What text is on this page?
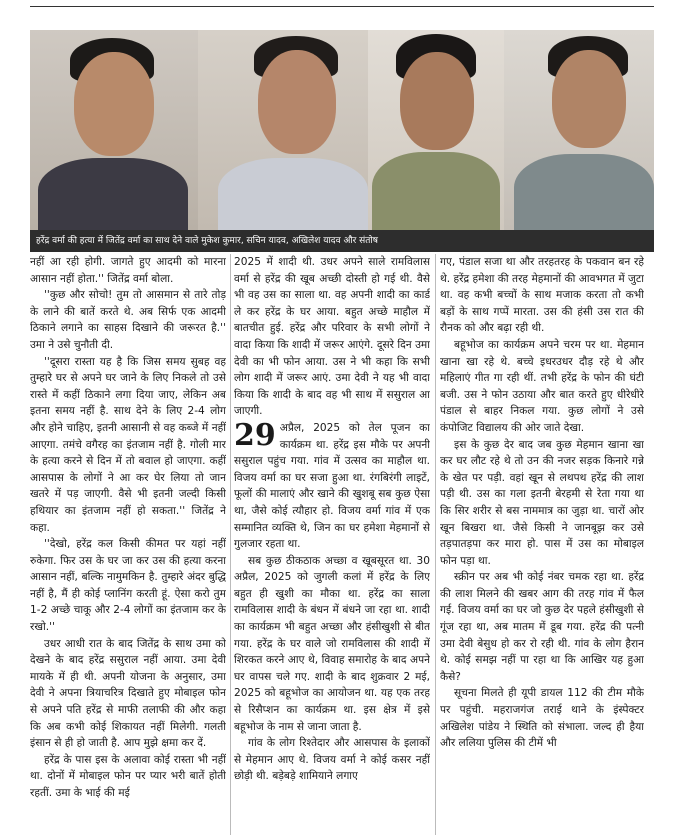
हरेंद्र वर्मा की हत्या में जितेंद्र वर्मा का साथ देने वाले मुकेश कुमार, सचिन यादव, अखिलेश यादव और संतोष

नहीं आ रही होगी. जागते हुए आदमी को मारना आसान नहीं होता.'' जितेंद्र वर्मा बोला.

''कुछ और सोचो! तुम तो आसमान से तारे तोड़ के लाने की बातें करते थे. अब सिर्फ एक आदमी ठिकाने लगाने का साहस दिखाने की जरूरत है.'' उमा ने उसे चुनौती दी.

''दूसरा रास्ता यह है कि जिस समय सुबह वह तुम्हारे घर से अपने घर जाने के लिए निकले तो उसे रास्ते में कहीं ठिकाने लगा दिया जाए, लेकिन अब इतना समय नहीं है. साथ देने के लिए 2-4 लोग और होने चाहिए, इतनी आसानी से वह कब्जे में नहीं आएगा. तमंचे वगैरह का इंतजाम नहीं है. गोली मार के हत्या करने से दिन में तो बवाल हो जाएगा. कहीं आसपास के लोगों ने आ कर घेर लिया तो जान खतरे में पड़ जाएगी. वैसे भी इतनी जल्दी किसी हथियार का इंतजाम नहीं हो सकता.'' जितेंद्र ने कहा.

''देखो, हरेंद्र कल किसी कीमत पर यहां नहीं रुकेगा. फिर उस के घर जा कर उस की हत्या करना आसान नहीं, बल्कि नामुमकिन है. तुम्हारे अंदर बुद्धि नहीं है, मैं ही कोई प्लानिंग करती हूं. ऐसा करो तुम 1-2 अच्छे चाकू और 2-4 लोगों का इंतजाम कर के रखो.''

उधर आधी रात के बाद जितेंद्र के साथ उमा को देखने के बाद हरेंद्र ससुराल नहीं आया. उमा देवी मायके में ही थी. अपनी योजना के अनुसार, उमा देवी ने अपना त्रियाचरित्र दिखाते हुए मोबाइल फोन से अपने पति हरेंद्र से माफी तलाफी की और कहा कि अब कभी कोई शिकायत नहीं मिलेगी. गलती इंसान से ही हो जाती है. आप मुझे क्षमा कर दें.

हरेंद्र के पास इस के अलावा कोई रास्ता भी नहीं था. दोनों में मोबाइल फोन पर प्यार भरी बातें होती रहतीं. उमा के भाई की मई

2025 में शादी थी. उधर अपने साले रामविलास वर्मा से हरेंद्र की खूब अच्छी दोस्ती हो गई थी. वैसे भी वह उस का साला था. वह अपनी शादी का कार्ड ले कर हरेंद्र के घर आया. बहुत अच्छे माहौल में बातचीत हुई. हरेंद्र और परिवार के सभी लोगों ने वादा किया कि शादी में जरूर आएंगे. दूसरे दिन उमा देवी का भी फोन आया. उस ने भी कहा कि सभी लोग शादी में जरूर आएं. उमा देवी ने यह भी वादा किया कि शादी के बाद वह भी साथ में ससुराल आ जाएगी.

29 अप्रैल, 2025 को तेल पूजन का कार्यक्रम था. हरेंद्र इस मौके पर अपनी ससुराल पहुंच गया. गांव में उत्सव का माहौल था. विजय वर्मा का घर सजा हुआ था. रंगबिरंगी लाइटें, फूलों की मालाएं और खाने की खुशबू सब कुछ ऐसा था, जैसे कोई त्यौहार हो. विजय वर्मा गांव में एक सम्मानित व्यक्ति थे, जिन का घर हमेशा मेहमानों से गुलजार रहता था.

सब कुछ ठीकठाक अच्छा व खूबसूरत था. 30 अप्रैल, 2025 को जुगली कलां में हरेंद्र के लिए बहुत ही खुशी का मौका था. हरेंद्र का साला रामविलास शादी के बंधन में बंधने जा रहा था. शादी का कार्यक्रम भी बहुत अच्छा और हंसीखुशी से बीत गया. हरेंद्र के घर वाले जो रामविलास की शादी में शिरकत करने आए थे, विवाह समारोह के बाद अपने घर वापस चले गए. शादी के बाद शुक्रवार 2 मई, 2025 को बहूभोज का आयोजन था. यह एक तरह से रिसैप्शन का कार्यक्रम था. इस क्षेत्र में इसे बहूभोज के नाम से जाना जाता है.

गांव के लोग रिश्तेदार और आसपास के इलाकों से मेहमान आए थे. विजय वर्मा ने कोई कसर नहीं छोड़ी थी. बड़ेबड़े शामियाने लगाए

गए, पंडाल सजा था और तरहतरह के पकवान बन रहे थे. हरेंद्र हमेशा की तरह मेहमानों की आवभगत में जुटा था. वह कभी बच्चों के साथ मजाक करता तो कभी बड़ों के साथ गप्पें मारता. उस की हंसी उस रात की रौनक को और बढ़ा रही थी.

बहूभोज का कार्यक्रम अपने चरम पर था. मेहमान खाना खा रहे थे. बच्चे इधरउधर दौड़ रहे थे और महिलाएं गीत गा रही थीं. तभी हरेंद्र के फोन की घंटी बजी. उस ने फोन उठाया और बात करते हुए धीरेधीरे पंडाल से बाहर निकल गया. कुछ लोगों ने उसे कंपोजिट विद्यालय की ओर जाते देखा.

इस के कुछ देर बाद जब कुछ मेहमान खाना खा कर घर लौट रहे थे तो उन की नजर सड़क किनारे गन्ने के खेत पर पड़ी. वहां खून से लथपथ हरेंद्र की लाश पड़ी थी. उस का गला इतनी बेरहमी से रेता गया था कि सिर शरीर से बस नाममात्र का जुड़ा था. चारों ओर खून बिखरा था. जैसे किसी ने जानबूझ कर उसे तड़पातड़पा कर मारा हो. पास में उस का मोबाइल फोन पड़ा था.

स्क्रीन पर अब भी कोई नंबर चमक रहा था. हरेंद्र की लाश मिलने की खबर आग की तरह गांव में फैल गई. विजय वर्मा का घर जो कुछ देर पहले हंसीखुशी से गूंज रहा था, अब मातम में डूब गया. हरेंद्र की पत्नी उमा देवी बेसुध हो कर रो रही थी. गांव के लोग हैरान थे. कोई समझ नहीं पा रहा था कि आखिर यह हुआ कैसे?

सूचना मिलते ही यूपी डायल 112 की टीम मौके पर पहुंची. महराजगंज तराई थाने के इंस्पेक्टर अखिलेश पांडेय ने स्थिति को संभाला. जल्द ही हैया और ललिया पुलिस की टीमें भी
